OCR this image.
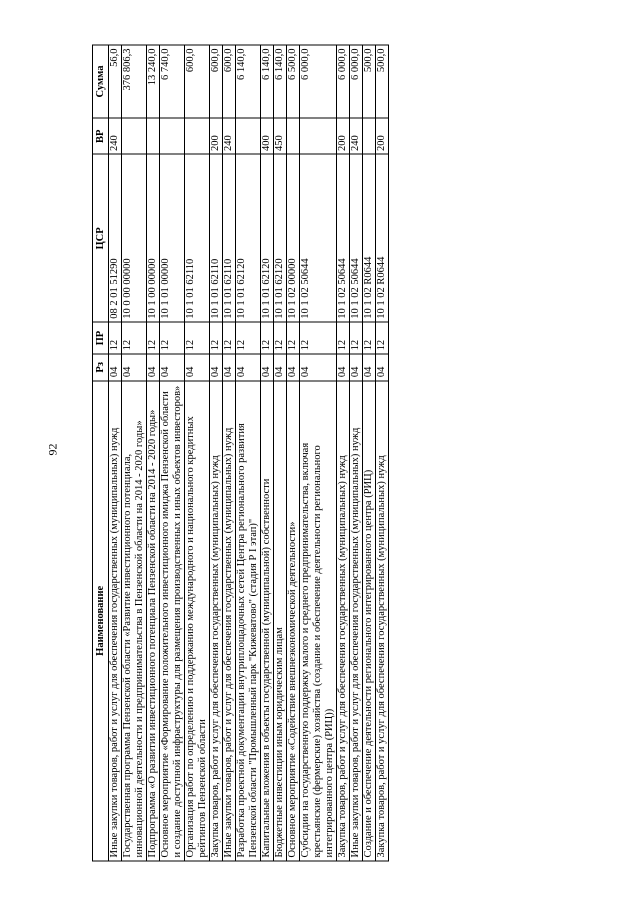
92
Наименование	Рз	ПР	ЦСР	ВР	Сумма
Иные закупки товаров, работ и услуг для обеспечения государственных (муниципальных) нужд	04	12	08 2 01 51290	240	56,0
Государственная программа Пензенской области «Развитие инвестиционного потенциала, инновационной деятельности и предпринимательства в Пензенской области на 2014 - 2020 годы»	04	12	10 0 00 00000		376 806,3
Подпрограмма «О развитии инвестиционного потенциала Пензенской области на 2014 - 2020 годы»	04	12	10 1 00 00000		13 240,0
Основное мероприятие «Формирование положительного инвестиционного имиджа Пензенской области и создание доступной инфраструктуры для размещения производственных и иных объектов инвесторов»	04	12	10 1 01 00000		6 740,0
Организация работ по определению и поддержанию международного и национального кредитных рейтингов Пензенской области	04	12	10 1 01 62110		600,0
Закупка товаров, работ и услуг для обеспечения государственных (муниципальных) нужд	04	12	10 1 01 62110	200	600,0
Иные закупки товаров, работ и услуг для обеспечения государственных (муниципальных) нужд	04	12	10 1 01 62110	240	600,0
Разработка проектной документации внутриплощадочных сетей Центра регионального развития Пензенской области "Промышленный парк "Кижеватово" (стадия Р I этап)"	04	12	10 1 01 62120		6 140,0
Капитальные вложения в объекты государственной (муниципальной) собственности	04	12	10 1 01 62120	400	6 140,0
Бюджетные инвестиции иным юридическим лицам	04	12	10 1 01 62120	450	6 140,0
Основное мероприятие «Содействие внешнеэкономической деятельности»	04	12	10 1 02 00000		6 500,0
Субсидии на государственную поддержку малого и среднего предпринимательства, включая крестьянские (фермерские) хозяйства (создание и обеспечение деятельности регионального интегрированного центра (РИЦ))	04	12	10 1 02 50644		6 000,0
Закупка товаров, работ и услуг для обеспечения государственных (муниципальных) нужд	04	12	10 1 02 50644	200	6 000,0
Иные закупки товаров, работ и услуг для обеспечения государственных (муниципальных) нужд	04	12	10 1 02 50644	240	6 000,0
Создание и обеспечение деятельности регионального интегрированного центра (РИЦ)	04	12	10 1 02 R0644		500,0
Закупка товаров, работ и услуг для обеспечения государственных (муниципальных) нужд	04	12	10 1 02 R0644	200	500,0
